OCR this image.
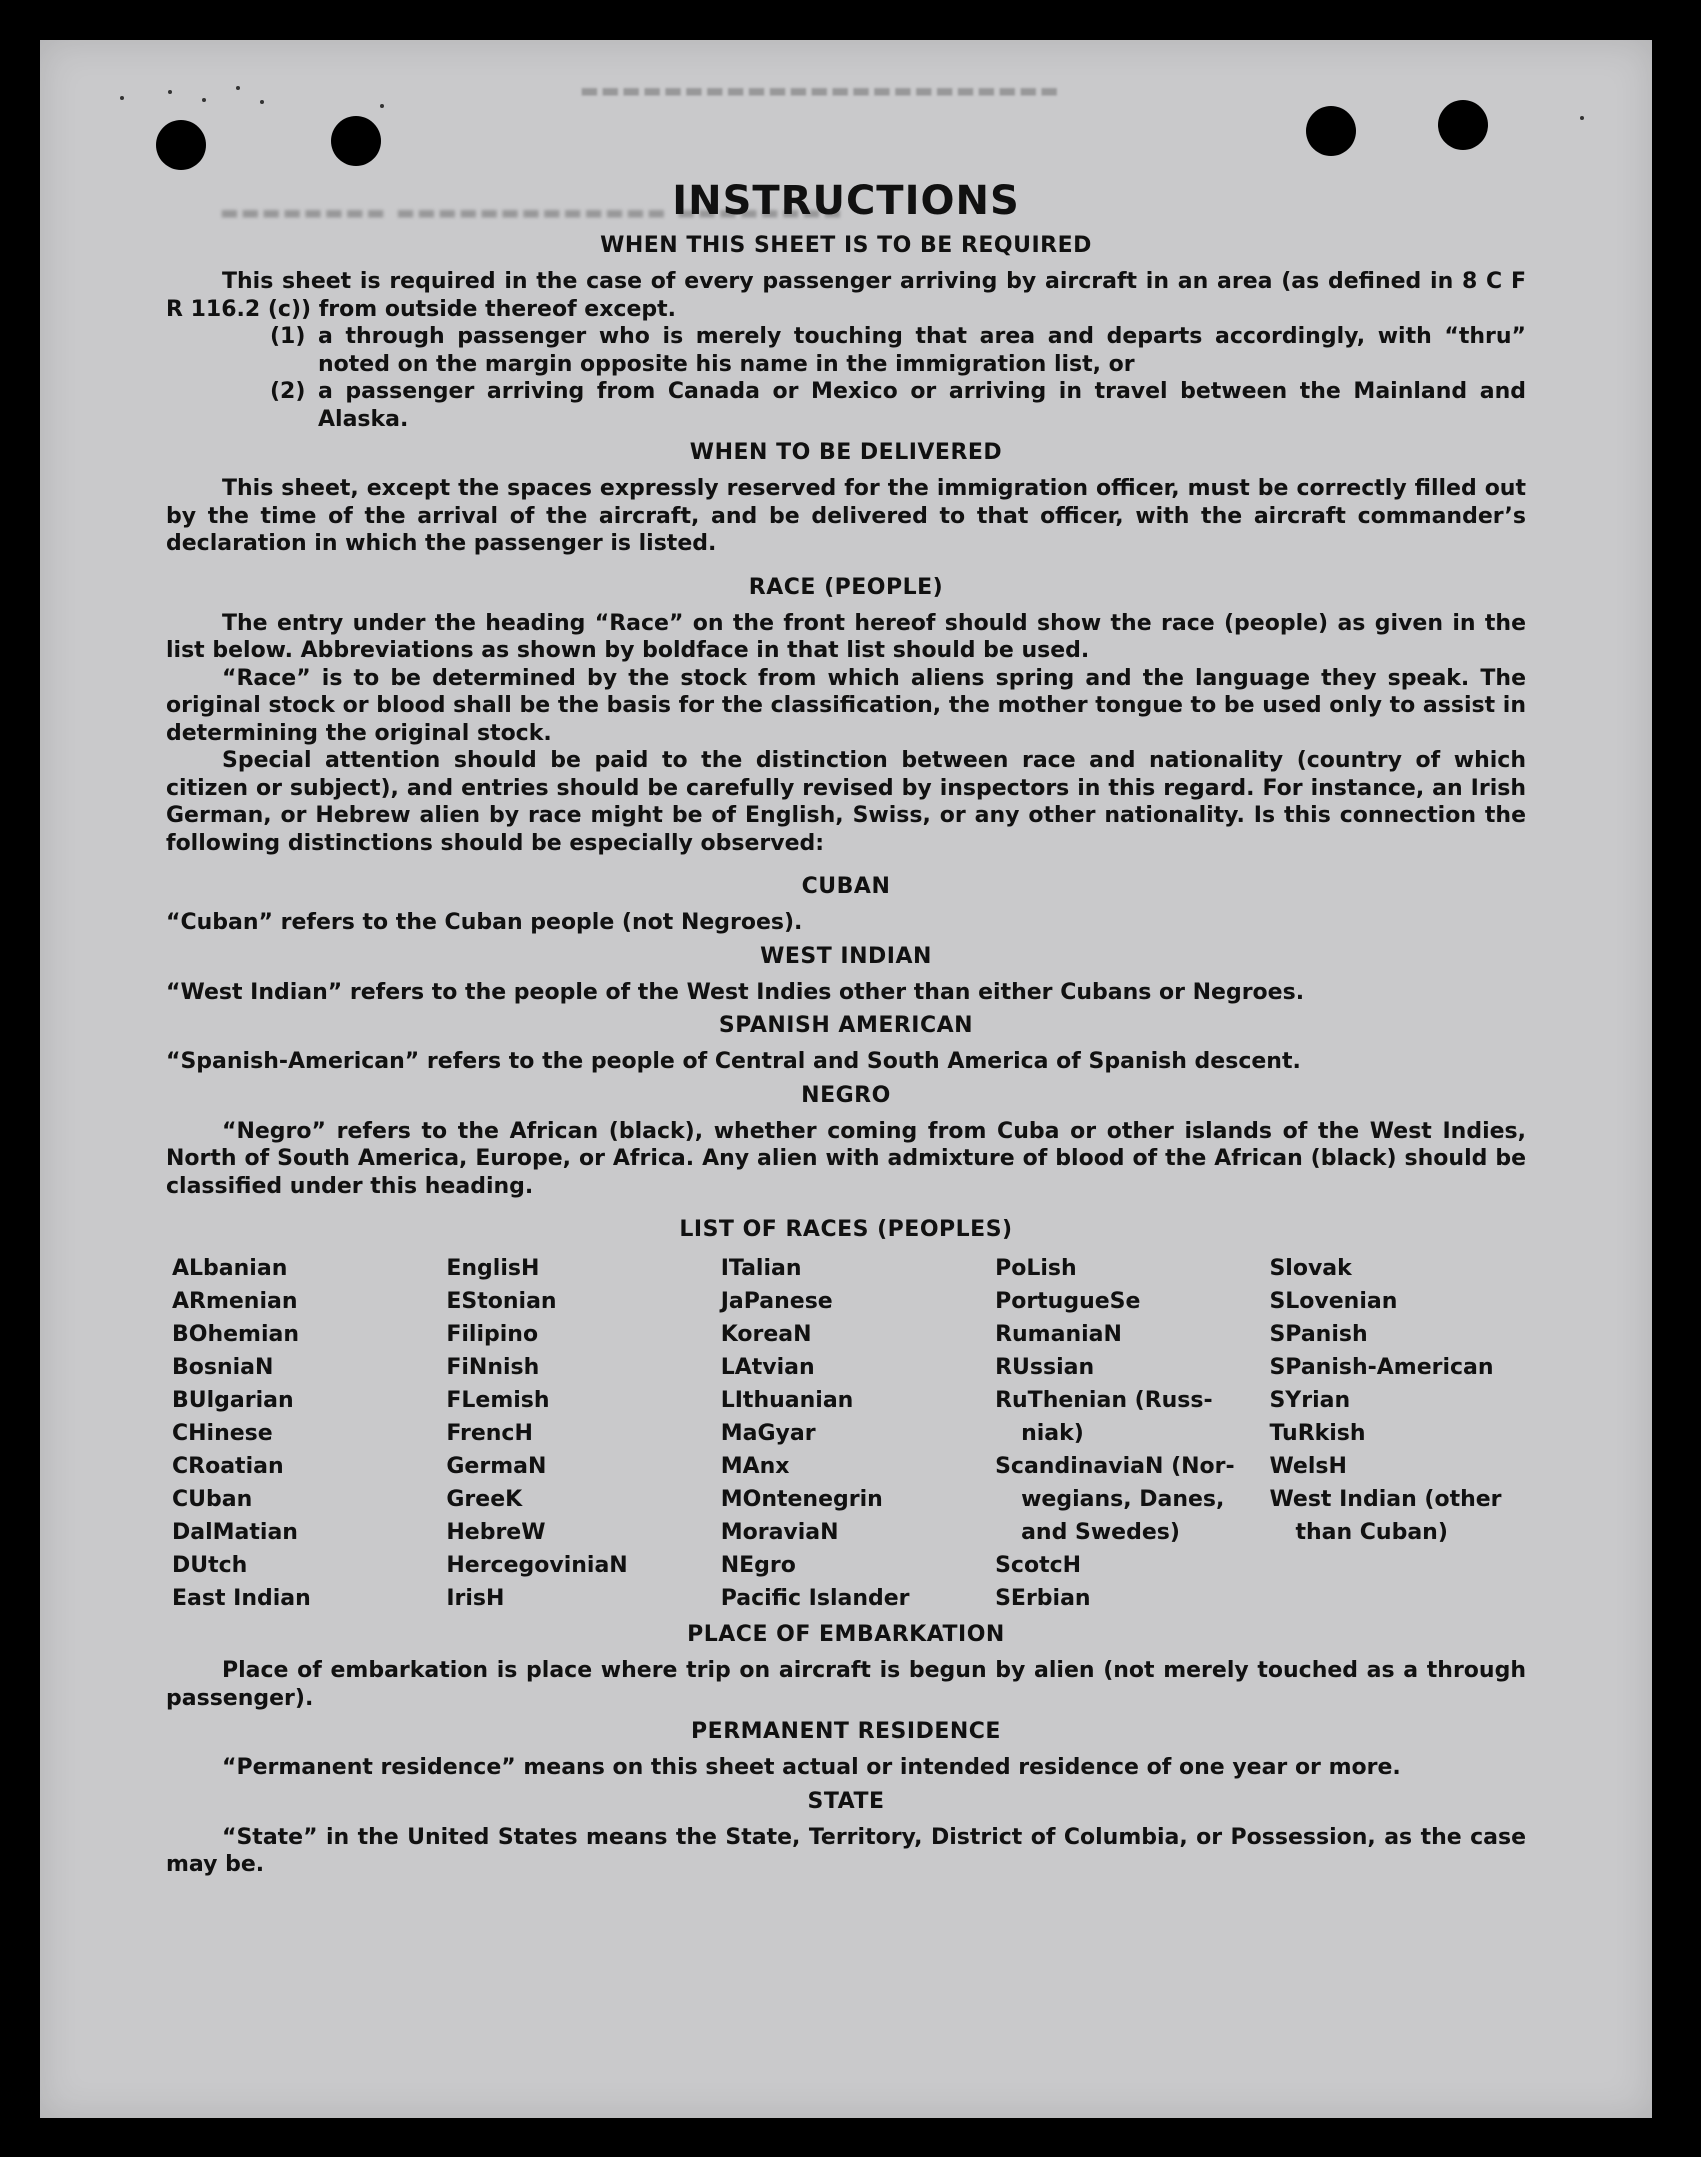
▬▬▬▬▬▬▬▬▬▬▬▬▬▬▬▬▬▬▬▬▬▬▬
▬▬▬▬▬▬▬▬ ▬▬▬▬▬▬▬▬▬▬▬▬▬ ▬▬▬▬▬▬▬▬
INSTRUCTIONS
WHEN THIS SHEET IS TO BE REQUIRED

This sheet is required in the case of every passenger arriving by aircraft in an area (as defined in 8 C F R 116.2 (c)) from outside thereof except.

(1) a through passenger who is merely touching that area and departs accordingly, with “thru” noted on the margin opposite his name in the immigration list, or
(2) a passenger arriving from Canada or Mexico or arriving in travel between the Mainland and Alaska.
WHEN TO BE DELIVERED

This sheet, except the spaces expressly reserved for the immigration officer, must be correctly filled out by the time of the arrival of the aircraft, and be delivered to that officer, with the aircraft commander’s declaration in which the passenger is listed.

RACE (PEOPLE)

The entry under the heading “Race” on the front hereof should show the race (people) as given in the list below. Abbreviations as shown by boldface in that list should be used.

“Race” is to be determined by the stock from which aliens spring and the language they speak. The original stock or blood shall be the basis for the classification, the mother tongue to be used only to assist in determining the original stock.

Special attention should be paid to the distinction between race and nationality (country of which citizen or subject), and entries should be carefully revised by inspectors in this regard. For instance, an Irish German, or Hebrew alien by race might be of English, Swiss, or any other nationality. Is this connection the following distinctions should be especially observed:

CUBAN

“Cuban” refers to the Cuban people (not Negroes).

WEST INDIAN

“West Indian” refers to the people of the West Indies other than either Cubans or Negroes.

SPANISH AMERICAN

“Spanish-American” refers to the people of Central and South America of Spanish descent.

NEGRO

“Negro” refers to the African (black), whether coming from Cuba or other islands of the West Indies, North of South America, Europe, or Africa. Any alien with admixture of blood of the African (black) should be classified under this heading.

LIST OF RACES (PEOPLES)
ALbanian
ARmenian
BOhemian
BosniaN
BUlgarian
CHinese
CRoatian
CUban
DalMatian
DUtch
East Indian
EnglisH
EStonian
Filipino
FiNnish
FLemish
FrencH
GermaN
GreeK
HebreW
HercegoviniaN
IrisH
ITalian
JaPanese
KoreaN
LAtvian
LIthuanian
MaGyar
MAnx
MOntenegrin
MoraviaN
NEgro
Pacific Islander
PoLish
PortugueSe
RumaniaN
RUssian
RuThenian (Russ-
niak)
ScandinaviaN (Nor-
wegians, Danes,
and Swedes)
ScotcH
SErbian
Slovak
SLovenian
SPanish
SPanish-American
SYrian
TuRkish
WelsH
West Indian (other
than Cuban)
PLACE OF EMBARKATION

Place of embarkation is place where trip on aircraft is begun by alien (not merely touched as a through passenger).

PERMANENT RESIDENCE

“Permanent residence” means on this sheet actual or intended residence of one year or more.

STATE

“State” in the United States means the State, Territory, District of Columbia, or Possession, as the case may be.
